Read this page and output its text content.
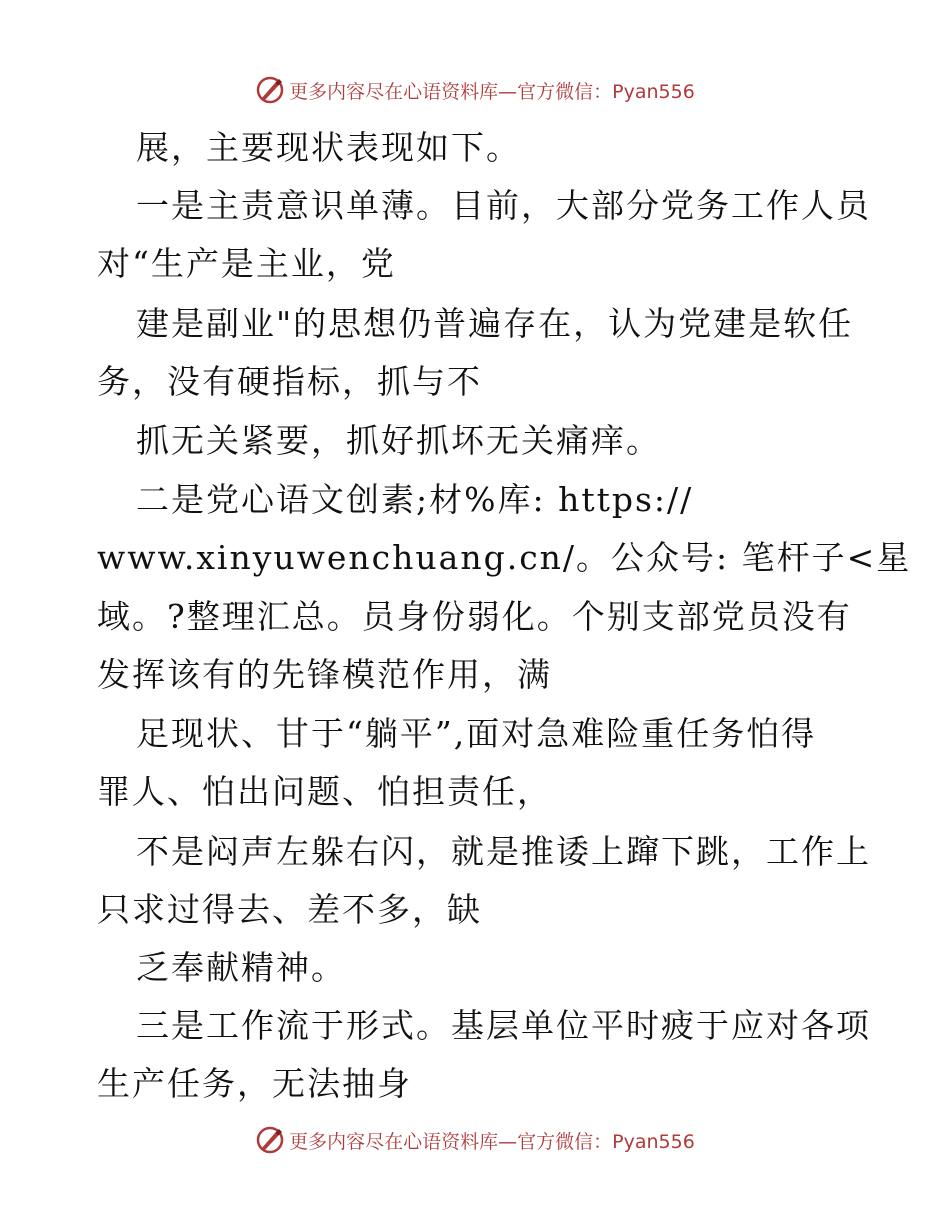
更多内容尽在心语资料库—官方微信：Pyan556
展，主要现状表现如下。
一是主责意识单薄。目前，大部分党务工作人员
对“生产是主业，党
建是副业"的思想仍普遍存在，认为党建是软任
务，没有硬指标，抓与不
抓无关紧要，抓好抓坏无关痛痒。
二是党心语文创素;材%库: https://
www.xinyuwenchuang.cn/。公众号: 笔杆子<星
域。?整理汇总。员身份弱化。个别支部党员没有
发挥该有的先锋模范作用，满
足现状、甘于“躺平”,面对急难险重任务怕得
罪人、怕出问题、怕担责任，
不是闷声左躲右闪，就是推诿上蹿下跳，工作上
只求过得去、差不多，缺
乏奉献精神。
三是工作流于形式。基层单位平时疲于应对各项
生产任务，无法抽身
更多内容尽在心语资料库—官方微信：Pyan556
